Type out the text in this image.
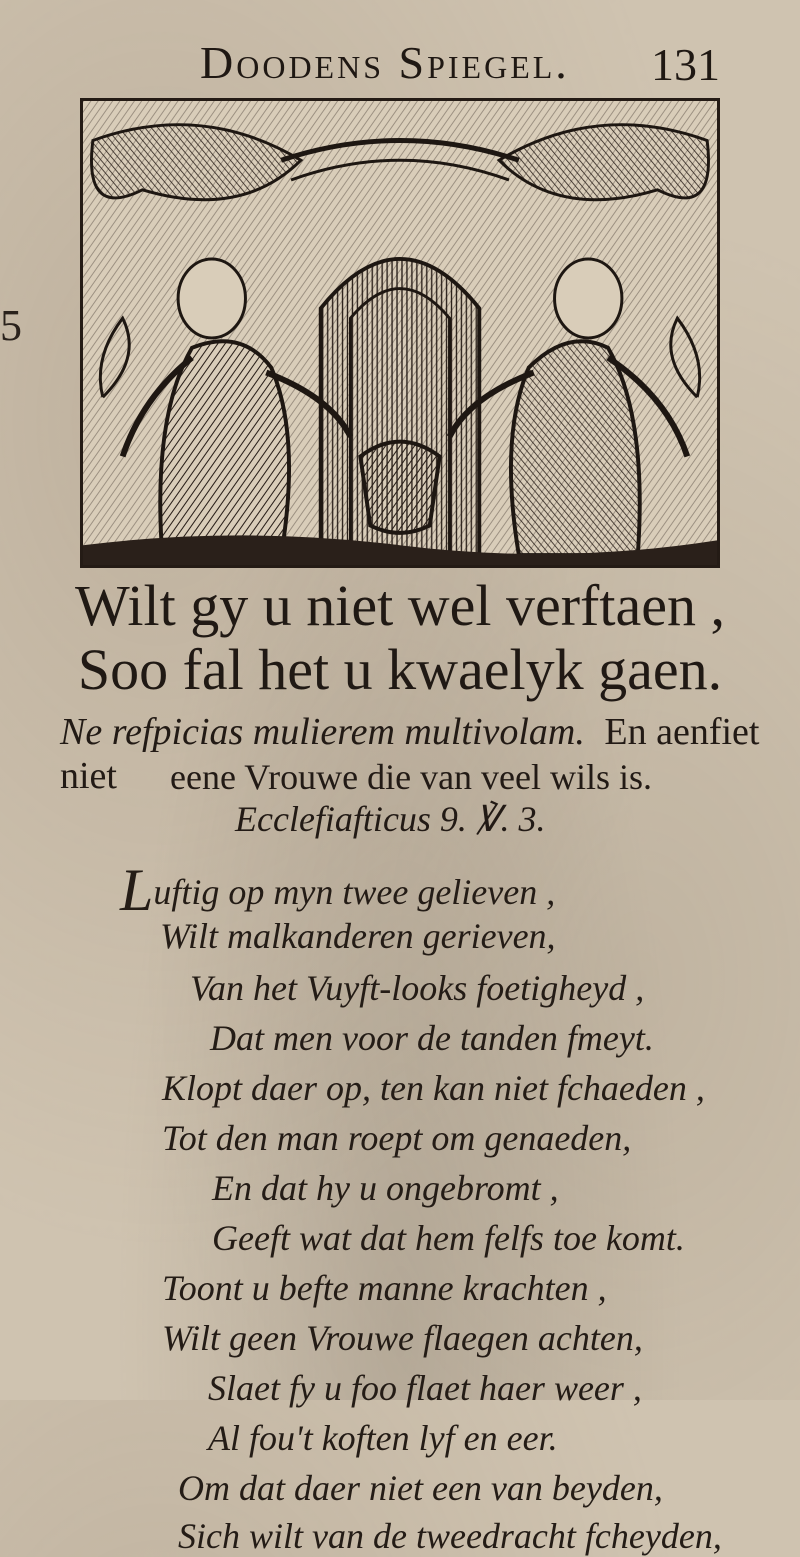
Doodens Spiegel. 131
5
Wilt gy u niet wel verftaen ,
Soo fal het u kwaelyk gaen.
Ne refpicias mulierem multivolam. En aenfiet niet	eene Vrouwe die van veel wils is.
Ecclefiafticus 9. ℣. 3.
Luftig op myn twee gelieven ,
Wilt malkanderen gerieven,
Van het Vuyft-looks foetigheyd ,
Dat men voor de tanden fmeyt.
Klopt daer op, ten kan niet fchaeden ,
Tot den man roept om genaeden,
En dat hy u ongebromt ,
Geeft wat dat hem felfs toe komt.
Toont u befte manne krachten ,
Wilt geen Vrouwe flaegen achten,
Slaet fy u foo flaet haer weer ,
Al fou't koften lyf en eer.
Om dat daer niet een van beyden,
Sich wilt van de tweedracht fcheyden,
